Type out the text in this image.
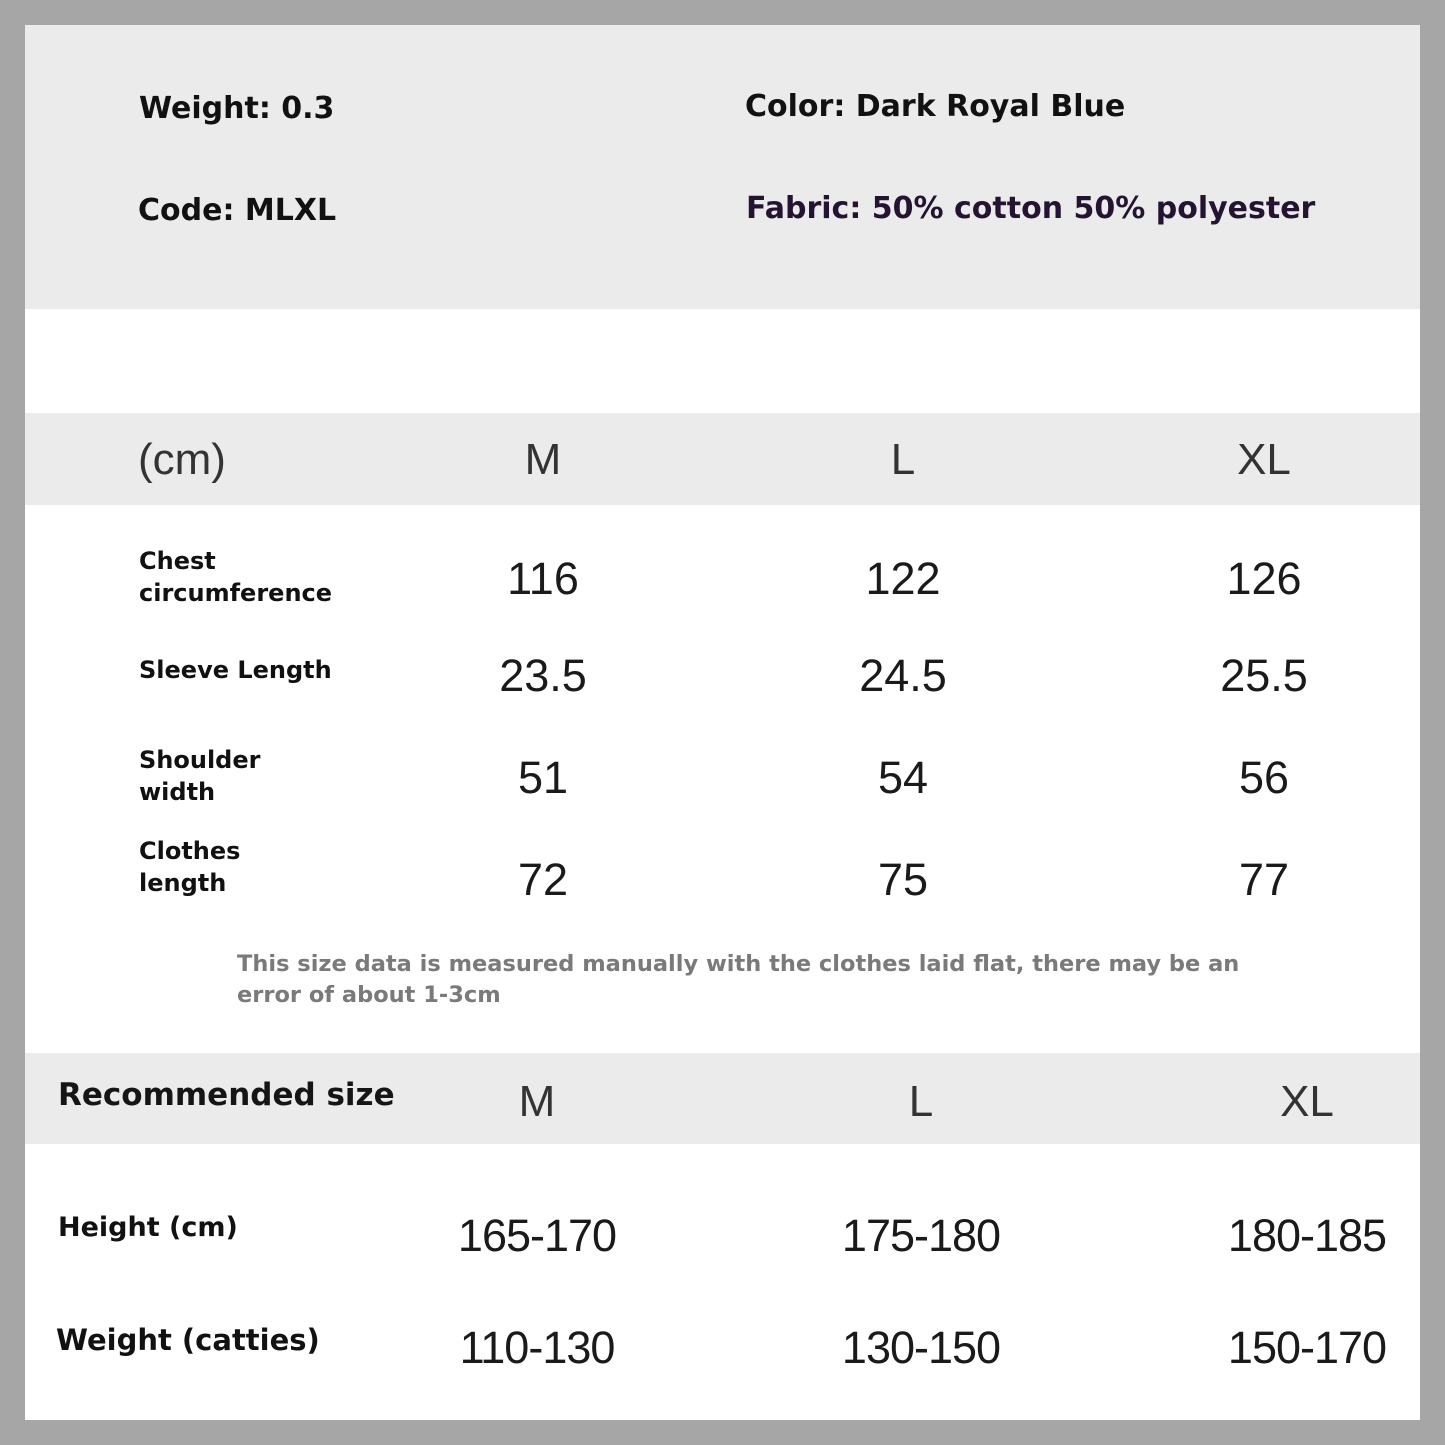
Weight: 0.3	Color: Dark Royal Blue
Code: MLXL	Fabric: 50% cotton 50% polyester
(cm)	M	L	XL
Chest circumference	116	122	126
Sleeve Length	23.5	24.5	25.5
Shoulder width	51	54	56
Clothes length	72	75	77
This size data is measured manually with the clothes laid flat, there may be an error of about 1-3cm
Recommended size	M	L	XL
Height (cm)	165-170	175-180	180-185
Weight (catties)	110-130	130-150	150-170
